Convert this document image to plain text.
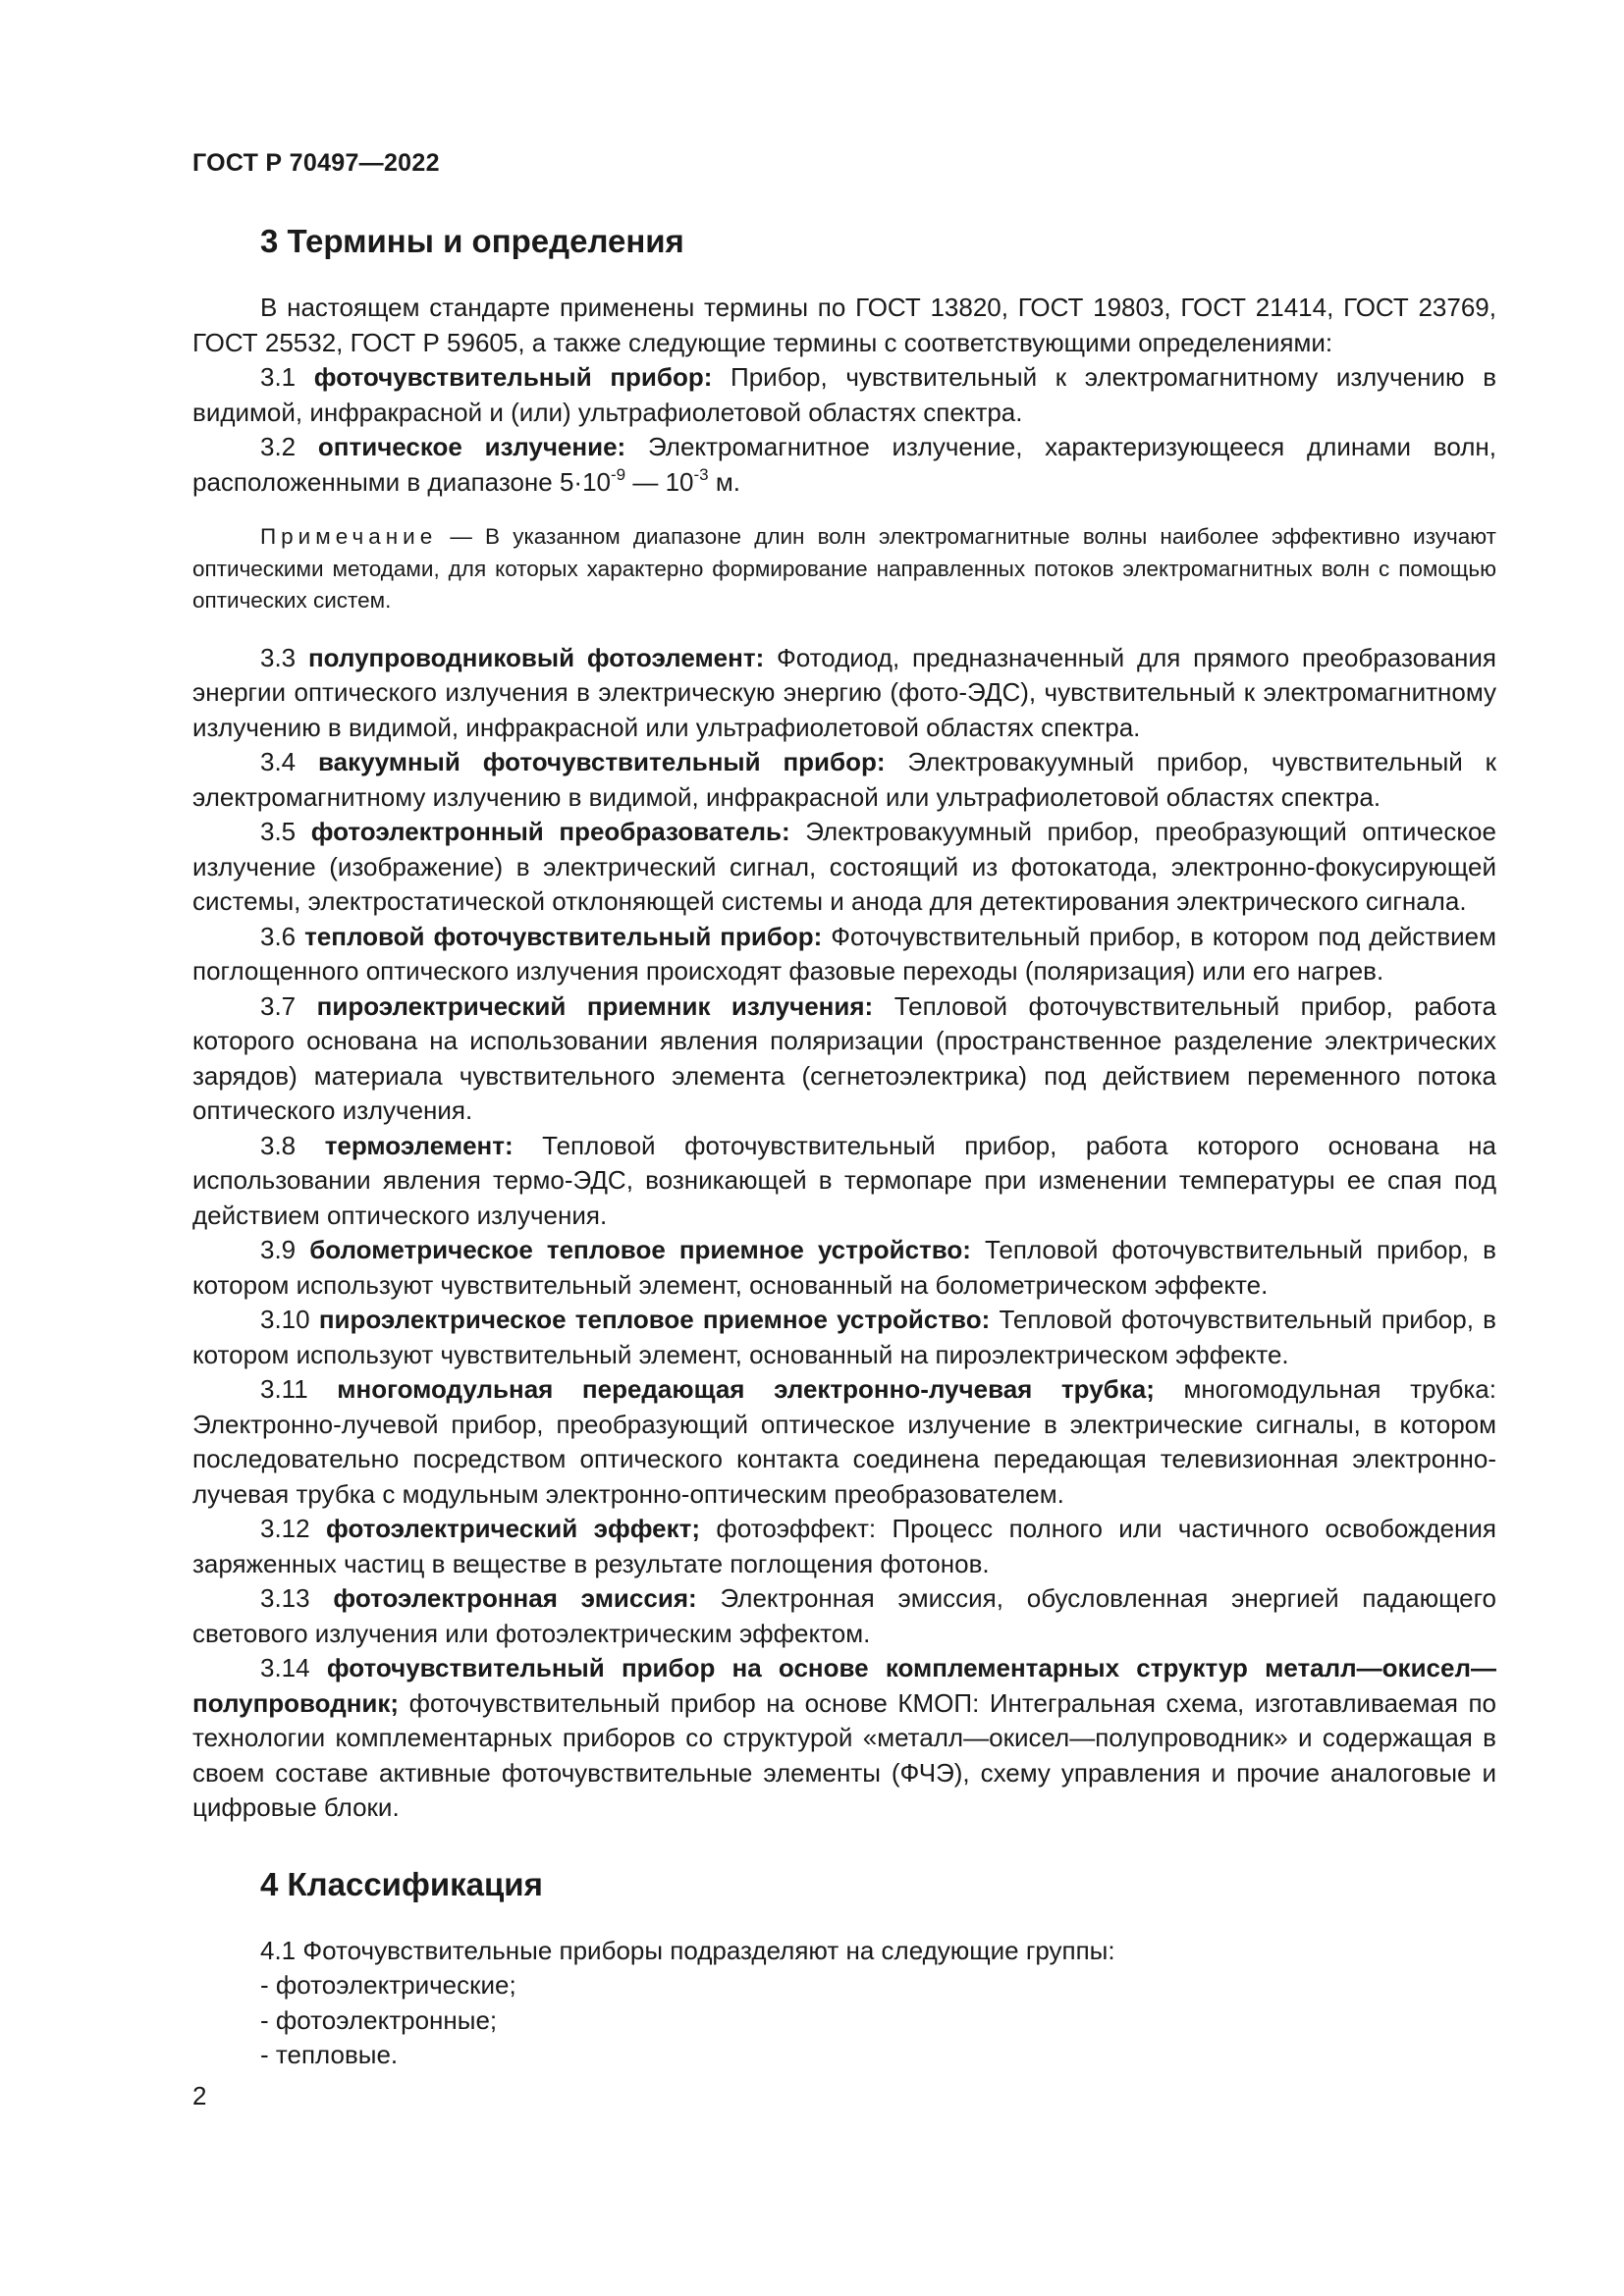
ГОСТ Р 70497—2022
3 Термины и определения

В настоящем стандарте применены термины по ГОСТ 13820, ГОСТ 19803, ГОСТ 21414, ГОСТ 23769, ГОСТ 25532, ГОСТ Р 59605, а также следующие термины с соответствующими определениями:

3.1 фоточувствительный прибор: Прибор, чувствительный к электромагнитному излучению в видимой, инфракрасной и (или) ультрафиолетовой областях спектра.

3.2 оптическое излучение: Электромагнитное излучение, характеризующееся длинами волн, расположенными в диапазоне $5\cdot 10^{-9}$ — $10^{-3}$ м.

Примечание — В указанном диапазоне длин волн электромагнитные волны наиболее эффективно изучают оптическими методами, для которых характерно формирование направленных потоков электромагнитных волн с помощью оптических систем.

3.3 полупроводниковый фотоэлемент: Фотодиод, предназначенный для прямого преобразования энергии оптического излучения в электрическую энергию (фото-ЭДС), чувствительный к электромагнитному излучению в видимой, инфракрасной или ультрафиолетовой областях спектра.

3.4 вакуумный фоточувствительный прибор: Электровакуумный прибор, чувствительный к электромагнитному излучению в видимой, инфракрасной или ультрафиолетовой областях спектра.

3.5 фотоэлектронный преобразователь: Электровакуумный прибор, преобразующий оптическое излучение (изображение) в электрический сигнал, состоящий из фотокатода, электронно-фокусирующей системы, электростатической отклоняющей системы и анода для детектирования электрического сигнала.

3.6 тепловой фоточувствительный прибор: Фоточувствительный прибор, в котором под действием поглощенного оптического излучения происходят фазовые переходы (поляризация) или его нагрев.

3.7 пироэлектрический приемник излучения: Тепловой фоточувствительный прибор, работа которого основана на использовании явления поляризации (пространственное разделение электрических зарядов) материала чувствительного элемента (сегнетоэлектрика) под действием переменного потока оптического излучения.

3.8 термоэлемент: Тепловой фоточувствительный прибор, работа которого основана на использовании явления термо-ЭДС, возникающей в термопаре при изменении температуры ее спая под действием оптического излучения.

3.9 болометрическое тепловое приемное устройство: Тепловой фоточувствительный прибор, в котором используют чувствительный элемент, основанный на болометрическом эффекте.

3.10 пироэлектрическое тепловое приемное устройство: Тепловой фоточувствительный прибор, в котором используют чувствительный элемент, основанный на пироэлектрическом эффекте.

3.11 многомодульная передающая электронно-лучевая трубка; многомодульная трубка: Электронно-лучевой прибор, преобразующий оптическое излучение в электрические сигналы, в котором последовательно посредством оптического контакта соединена передающая телевизионная электронно-лучевая трубка с модульным электронно-оптическим преобразователем.

3.12 фотоэлектрический эффект; фотоэффект: Процесс полного или частичного освобождения заряженных частиц в веществе в результате поглощения фотонов.

3.13 фотоэлектронная эмиссия: Электронная эмиссия, обусловленная энергией падающего светового излучения или фотоэлектрическим эффектом.

3.14 фоточувствительный прибор на основе комплементарных структур металл—окисел—полупроводник; фоточувствительный прибор на основе КМОП: Интегральная схема, изготавливаемая по технологии комплементарных приборов со структурой «металл—окисел—полупроводник» и содержащая в своем составе активные фоточувствительные элементы (ФЧЭ), схему управления и прочие аналоговые и цифровые блоки.

4 Классификация

4.1 Фоточувствительные приборы подразделяют на следующие группы:

- фотоэлектрические;

- фотоэлектронные;

- тепловые.

2
